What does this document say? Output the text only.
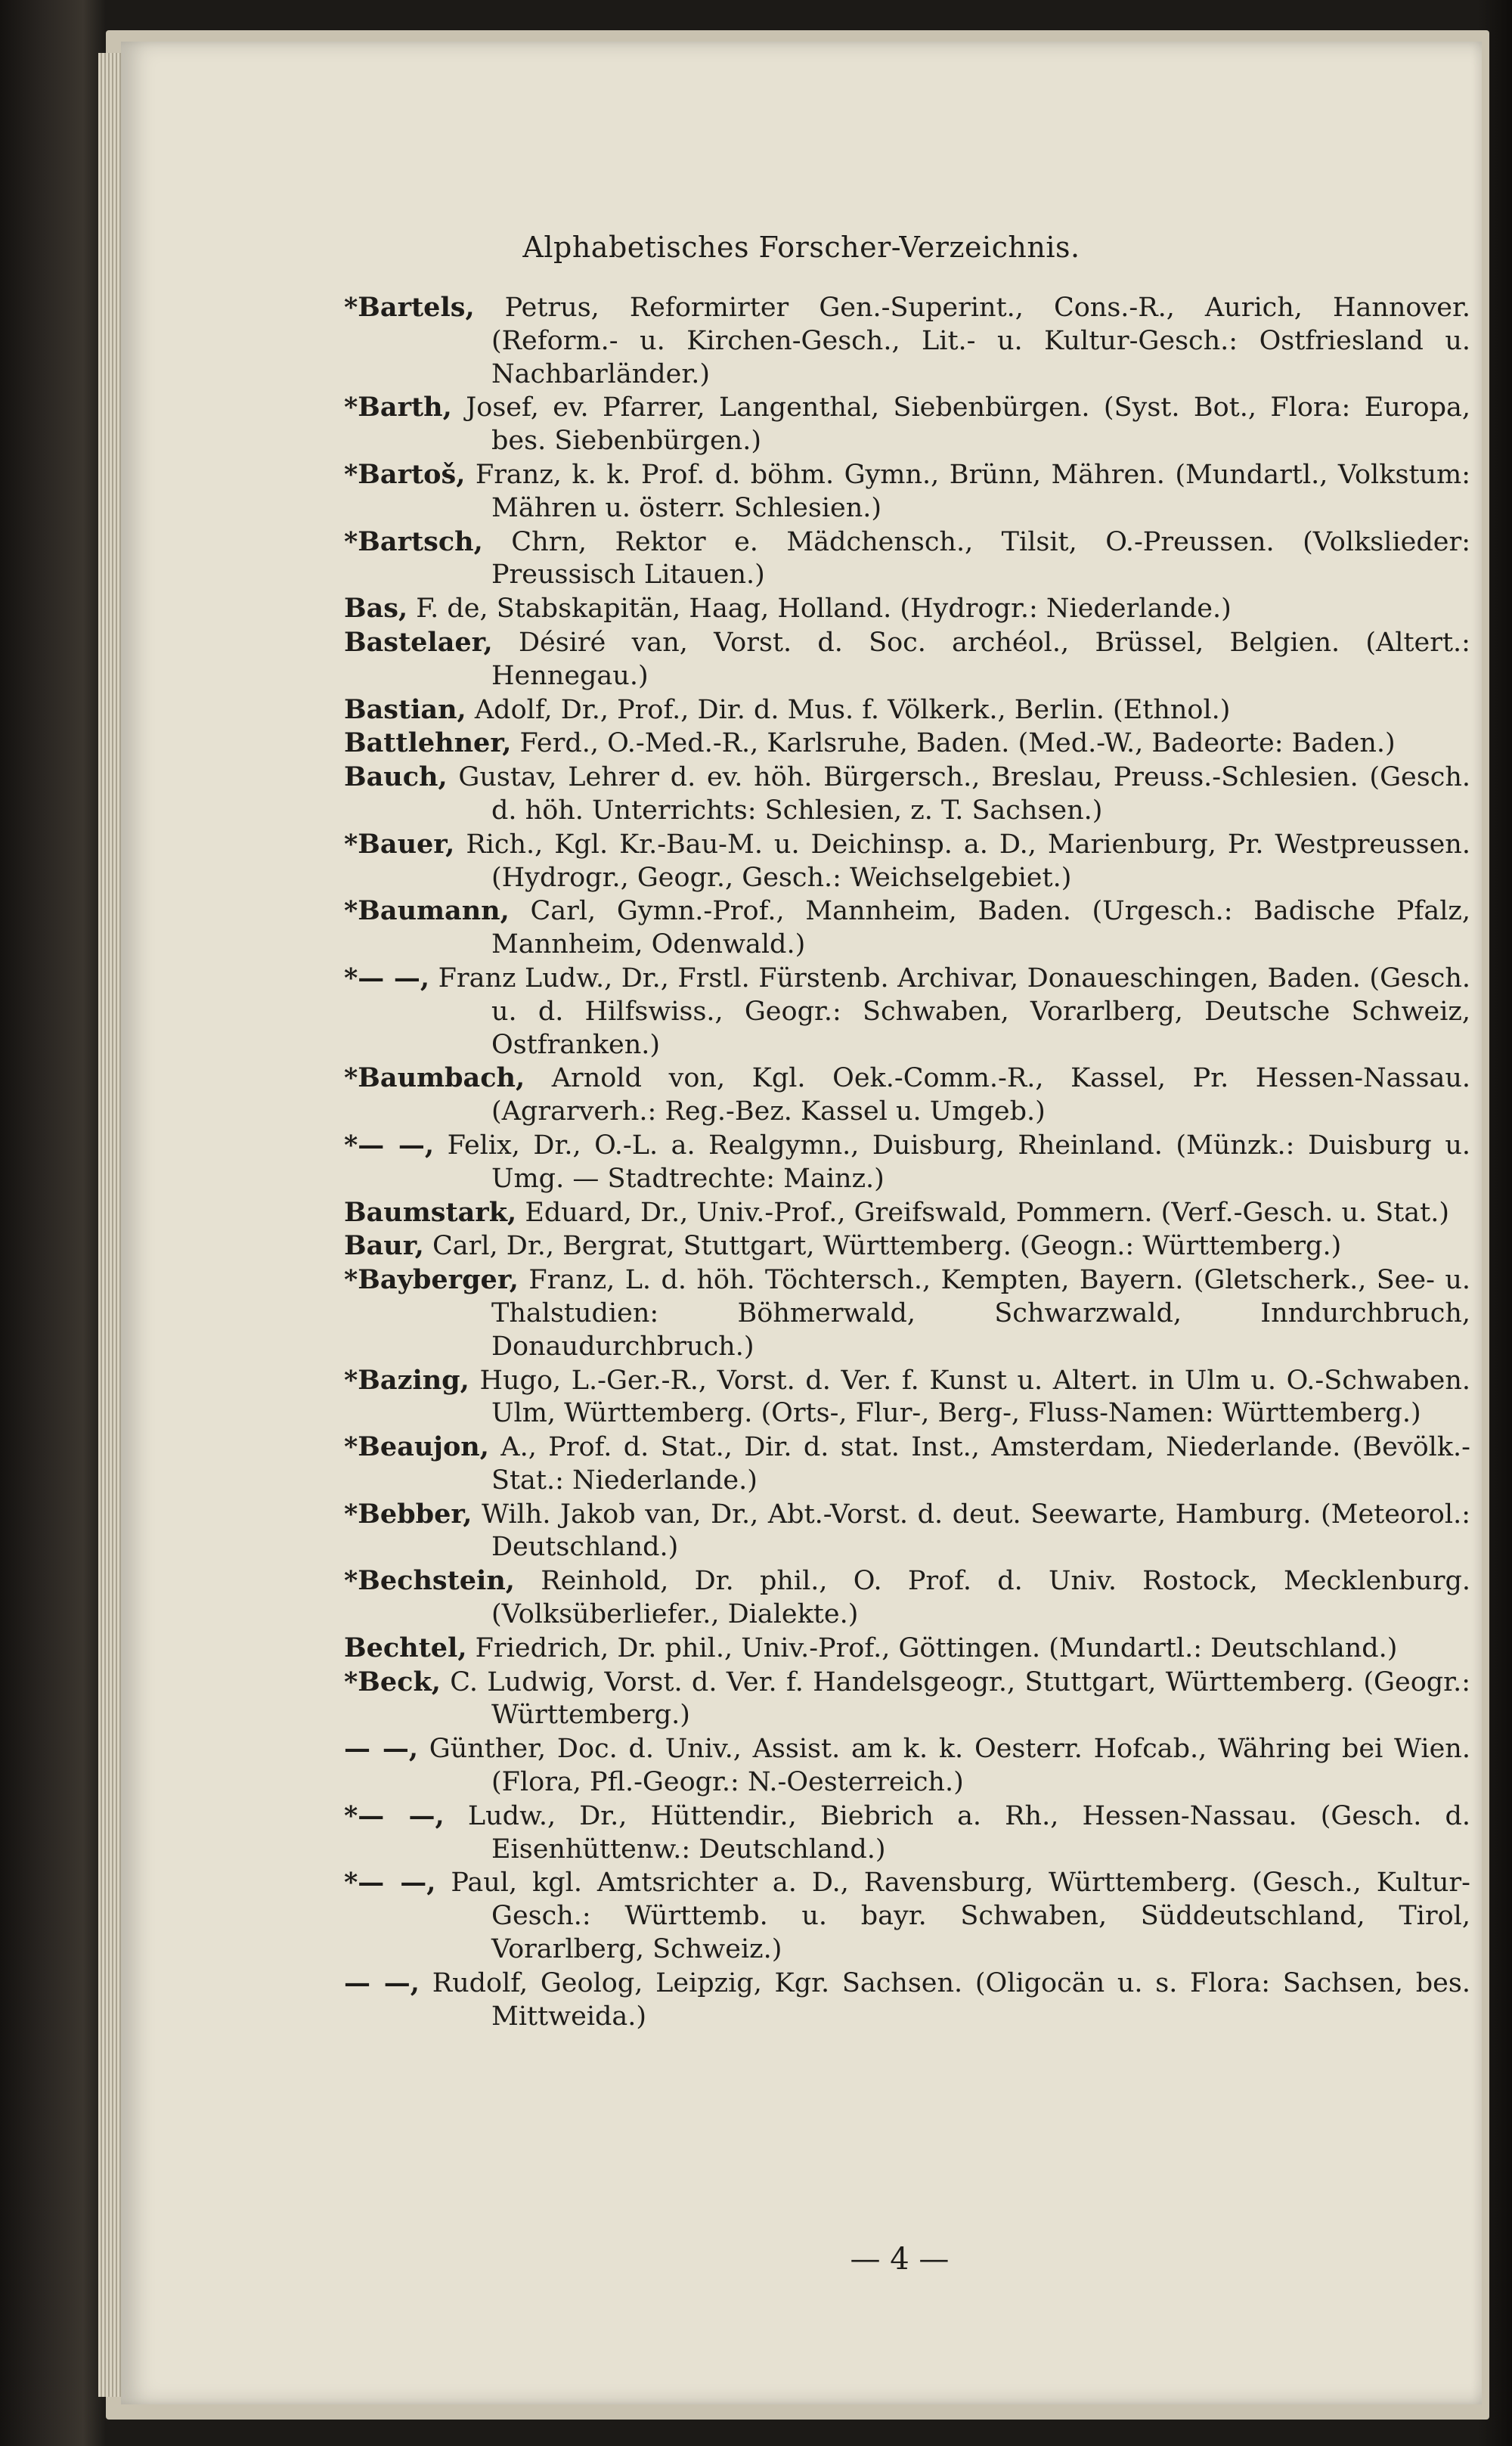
Alphabetisches Forscher-Verzeichnis.
*Bartels, Petrus, Reformirter Gen.-Superint., Cons.-R., Aurich, Hannover. (Reform.- u. Kirchen-Gesch., Lit.- u. Kultur-Gesch.: Ostfriesland u. Nachbarländer.)
*Barth, Josef, ev. Pfarrer, Langenthal, Siebenbürgen. (Syst. Bot., Flora: Europa, bes. Siebenbürgen.)
*Bartoš, Franz, k. k. Prof. d. böhm. Gymn., Brünn, Mähren. (Mundartl., Volkstum: Mähren u. österr. Schlesien.)
*Bartsch, Chrn, Rektor e. Mädchensch., Tilsit, O.-Preussen. (Volkslieder: Preussisch Litauen.)
Bas, F. de, Stabskapitän, Haag, Holland. (Hydrogr.: Niederlande.)
Bastelaer, Désiré van, Vorst. d. Soc. archéol., Brüssel, Belgien. (Altert.: Hennegau.)
Bastian, Adolf, Dr., Prof., Dir. d. Mus. f. Völkerk., Berlin. (Ethnol.)
Battlehner, Ferd., O.-Med.-R., Karlsruhe, Baden. (Med.-W., Badeorte: Baden.)
Bauch, Gustav, Lehrer d. ev. höh. Bürgersch., Breslau, Preuss.-Schlesien. (Gesch. d. höh. Unterrichts: Schlesien, z. T. Sachsen.)
*Bauer, Rich., Kgl. Kr.-Bau-M. u. Deichinsp. a. D., Marienburg, Pr. Westpreussen. (Hydrogr., Geogr., Gesch.: Weichselgebiet.)
*Baumann, Carl, Gymn.-Prof., Mannheim, Baden. (Urgesch.: Badische Pfalz, Mannheim, Odenwald.)
*— —, Franz Ludw., Dr., Frstl. Fürstenb. Archivar, Donaueschingen, Baden. (Gesch. u. d. Hilfswiss., Geogr.: Schwaben, Vorarlberg, Deutsche Schweiz, Ostfranken.)
*Baumbach, Arnold von, Kgl. Oek.-Comm.-R., Kassel, Pr. Hessen-Nassau. (Agrarverh.: Reg.-Bez. Kassel u. Umgeb.)
*— —, Felix, Dr., O.-L. a. Realgymn., Duisburg, Rheinland. (Münzk.: Duisburg u. Umg. — Stadtrechte: Mainz.)
Baumstark, Eduard, Dr., Univ.-Prof., Greifswald, Pommern. (Verf.-Gesch. u. Stat.)
Baur, Carl, Dr., Bergrat, Stuttgart, Württemberg. (Geogn.: Württemberg.)
*Bayberger, Franz, L. d. höh. Töchtersch., Kempten, Bayern. (Gletscherk., See- u. Thalstudien: Böhmerwald, Schwarzwald, Inndurchbruch, Donaudurchbruch.)
*Bazing, Hugo, L.-Ger.-R., Vorst. d. Ver. f. Kunst u. Altert. in Ulm u. O.-Schwaben. Ulm, Württemberg. (Orts-, Flur-, Berg-, Fluss-Namen: Württemberg.)
*Beaujon, A., Prof. d. Stat., Dir. d. stat. Inst., Amsterdam, Niederlande. (Bevölk.-Stat.: Niederlande.)
*Bebber, Wilh. Jakob van, Dr., Abt.-Vorst. d. deut. Seewarte, Hamburg. (Meteorol.: Deutschland.)
*Bechstein, Reinhold, Dr. phil., O. Prof. d. Univ. Rostock, Mecklenburg. (Volksüberliefer., Dialekte.)
Bechtel, Friedrich, Dr. phil., Univ.-Prof., Göttingen. (Mundartl.: Deutschland.)
*Beck, C. Ludwig, Vorst. d. Ver. f. Handelsgeogr., Stuttgart, Württemberg. (Geogr.: Württemberg.)
— —, Günther, Doc. d. Univ., Assist. am k. k. Oesterr. Hofcab., Währing bei Wien. (Flora, Pfl.-Geogr.: N.-Oesterreich.)
*— —, Ludw., Dr., Hüttendir., Biebrich a. Rh., Hessen-Nassau. (Gesch. d. Eisenhüttenw.: Deutschland.)
*— —, Paul, kgl. Amtsrichter a. D., Ravensburg, Württemberg. (Gesch., Kultur-Gesch.: Württemb. u. bayr. Schwaben, Süddeutschland, Tirol, Vorarlberg, Schweiz.)
— —, Rudolf, Geolog, Leipzig, Kgr. Sachsen. (Oligocän u. s. Flora: Sachsen, bes. Mittweida.)
— 4 —
